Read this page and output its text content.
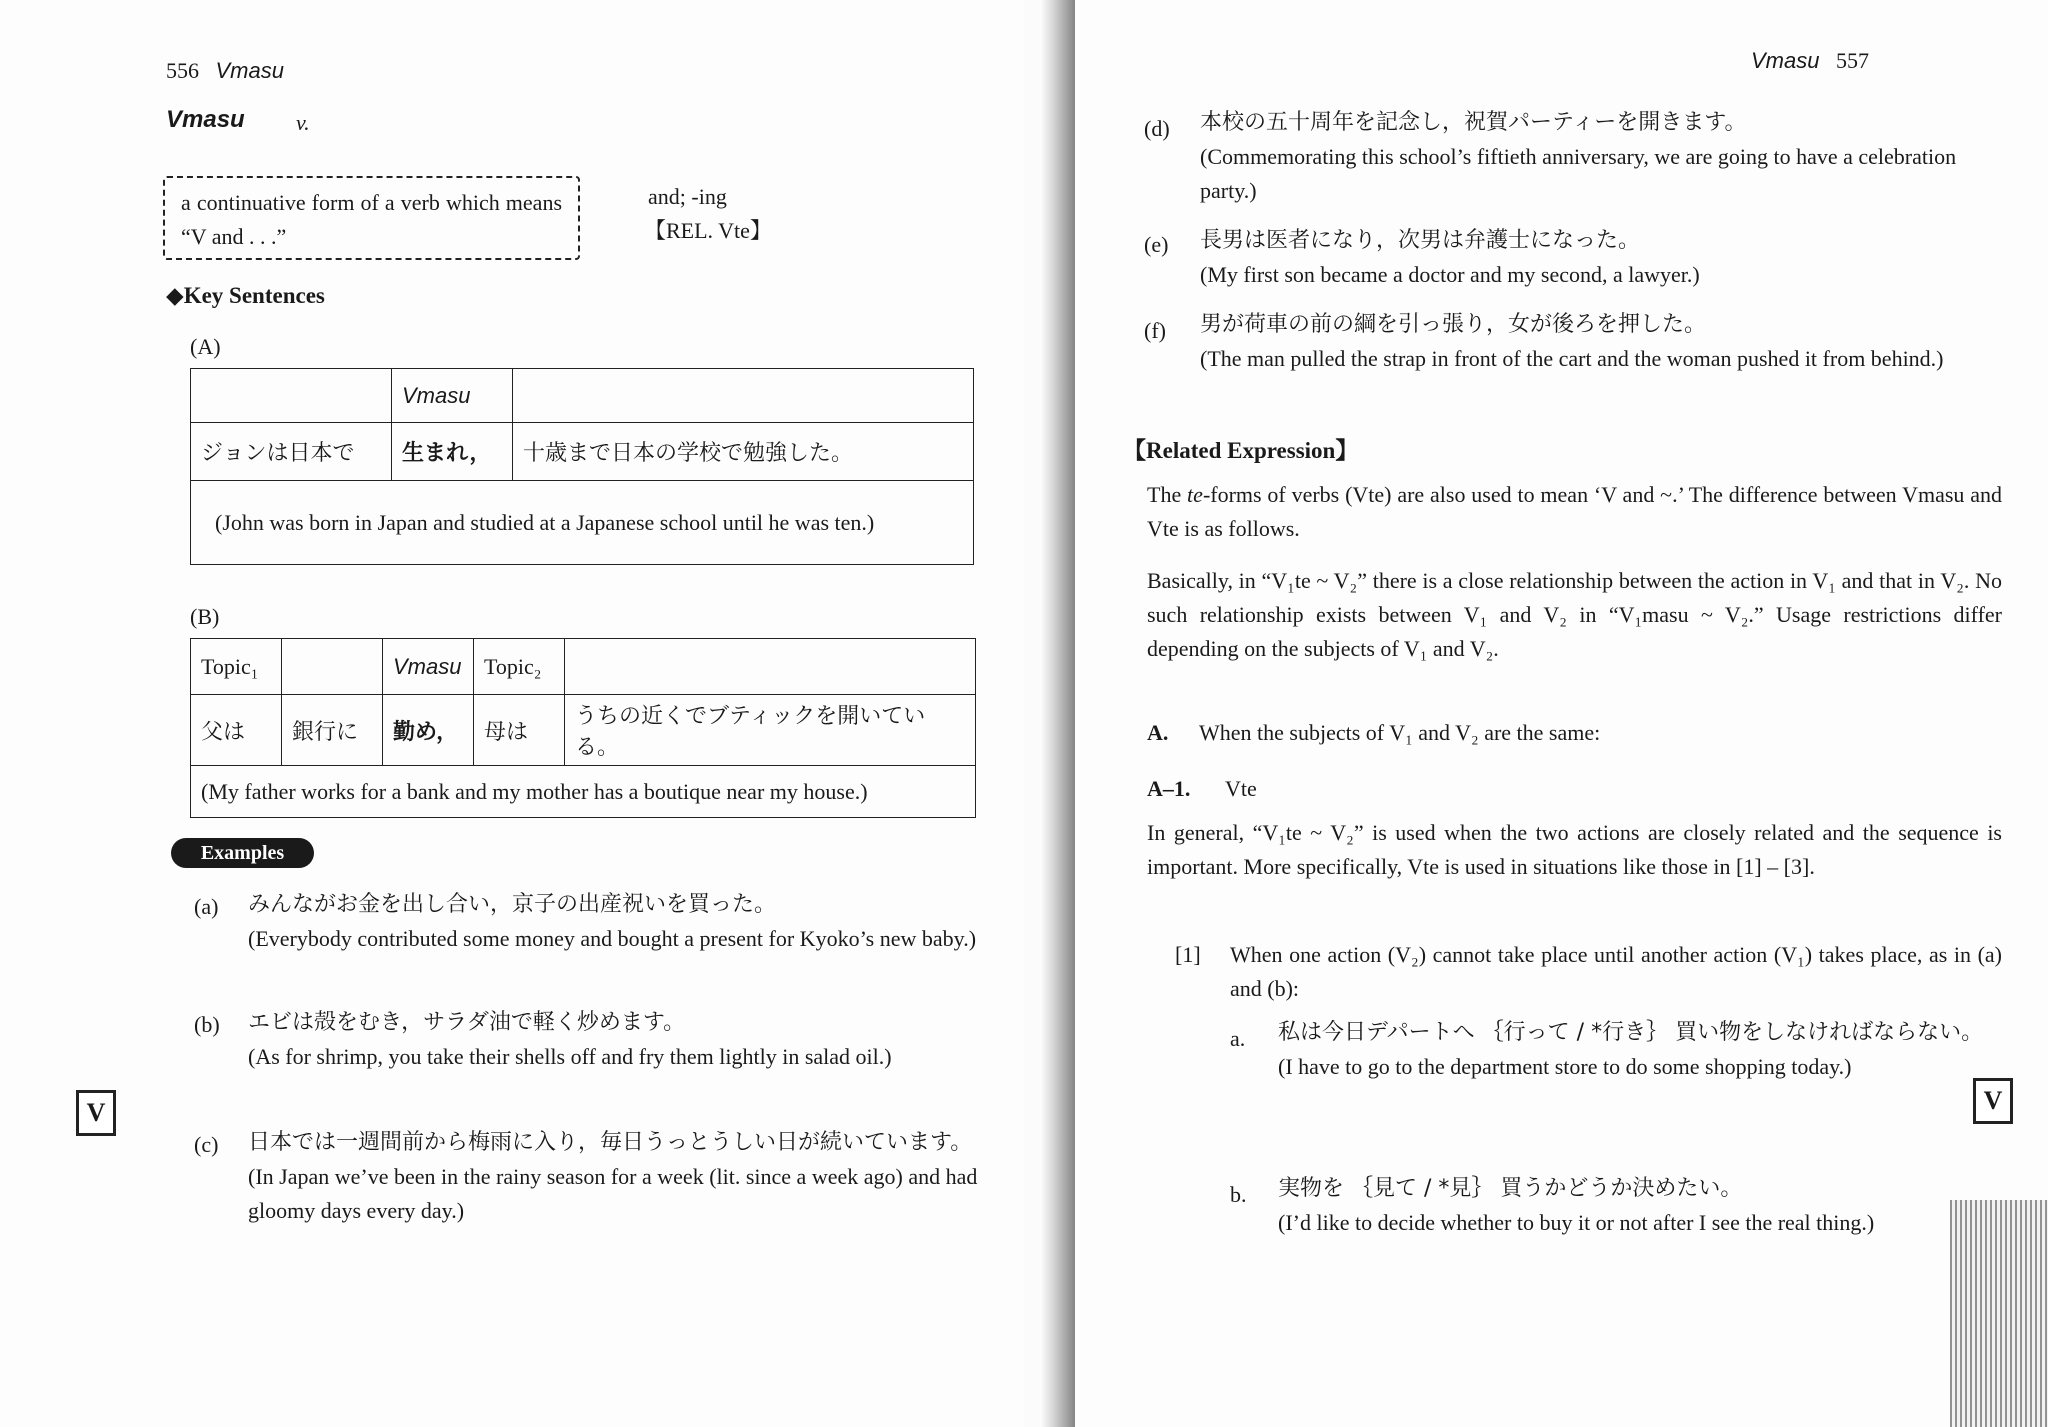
556 Vmasu
Vmasu v.
a continuative form of a verb which means “V and . . .”
and; -ing
【REL. Vte】
◆Key Sentences
(A)
	Vmasu	
ジョンは日本で	生まれ，	十歳まで日本の学校で勉強した。
(John was born in Japan and studied at a Japanese school until he was ten.)		
(B)
Topic₁		Vmasu	Topic₂	
父は	銀行に	勤め，	母は	うちの近くでブティックを開いている。
(My father works for a bank and my mother has a boutique near my house.)				
Examples
(a) みんながお金を出し合い，京子の出産祝いを買った。
(Everybody contributed some money and bought a present for Kyoko’s new baby.)
(b) エビは殻をむき，サラダ油で軽く炒めます。
(As for shrimp, you take their shells off and fry them lightly in salad oil.)
(c) 日本では一週間前から梅雨に入り，毎日うっとうしい日が続いています。
(In Japan we’ve been in the rainy season for a week (lit. since a week ago) and had gloomy days every day.)
V
Vmasu 557
(d) 本校の五十周年を記念し，祝賀パーティーを開きます。
(Commemorating this school’s fiftieth anniversary, we are going to have a celebration party.)
(e) 長男は医者になり，次男は弁護士になった。
(My first son became a doctor and my second, a lawyer.)
(f) 男が荷車の前の綱を引っ張り，女が後ろを押した。
(The man pulled the strap in front of the cart and the woman pushed it from behind.)
【Related Expression】
The te-forms of verbs (Vte) are also used to mean ‘V and ~.’ The difference between Vmasu and Vte is as follows.
Basically, in “V₁te ~ V₂” there is a close relationship between the action in V₁ and that in V₂. No such relationship exists between V₁ and V₂ in “V₁masu ~ V₂.” Usage restrictions differ depending on the subjects of V₁ and V₂.
A. When the subjects of V₁ and V₂ are the same:
A–1. Vte
In general, “V₁te ~ V₂” is used when the two actions are closely related and the sequence is important. More specifically, Vte is used in situations like those in [1] – [3].
[1] When one action (V₂) cannot take place until another action (V₁) takes place, as in (a) and (b):
a. 私は今日デパートへ ｛行って / *行き｝ 買い物をしなければならない。
(I have to go to the department store to do some shopping today.)
b. 実物を ｛見て / *見｝ 買うかどうか決めたい。
(I’d like to decide whether to buy it or not after I see the real thing.)
V
